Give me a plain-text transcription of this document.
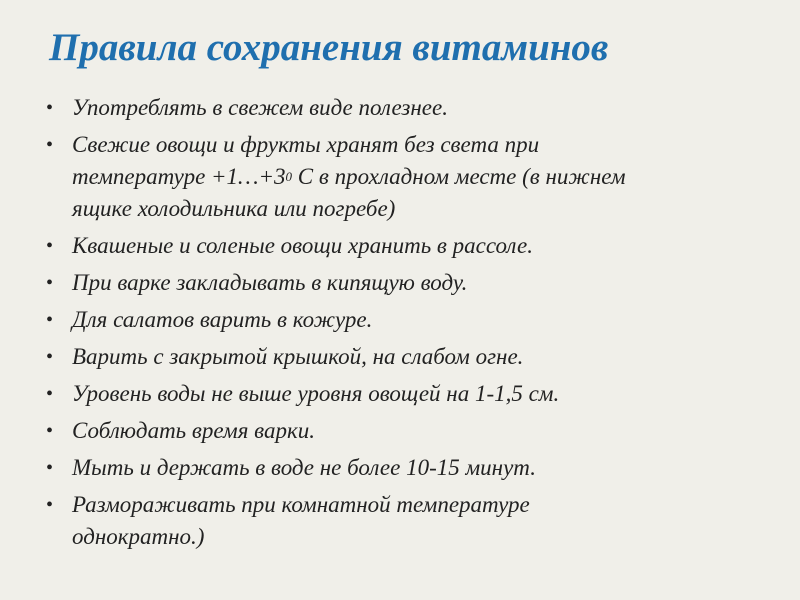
Правила сохранения витаминов
• Употреблять в свежем виде полезнее.
• Свежие овощи и фрукты хранят без света при
температуре $+1\dots+3^0$ С в прохладном месте (в нижнем
ящике холодильника или погребе)
• Квашеные и соленые овощи хранить в рассоле.
• При варке закладывать в кипящую воду.
• Для салатов варить в кожуре.
• Варить с закрытой крышкой, на слабом огне.
• Уровень воды не выше уровня овощей на 1-1,5 см.
• Соблюдать время варки.
• Мыть и держать в воде не более 10-15 минут.
• Размораживать при комнатной температуре
однократно.)
